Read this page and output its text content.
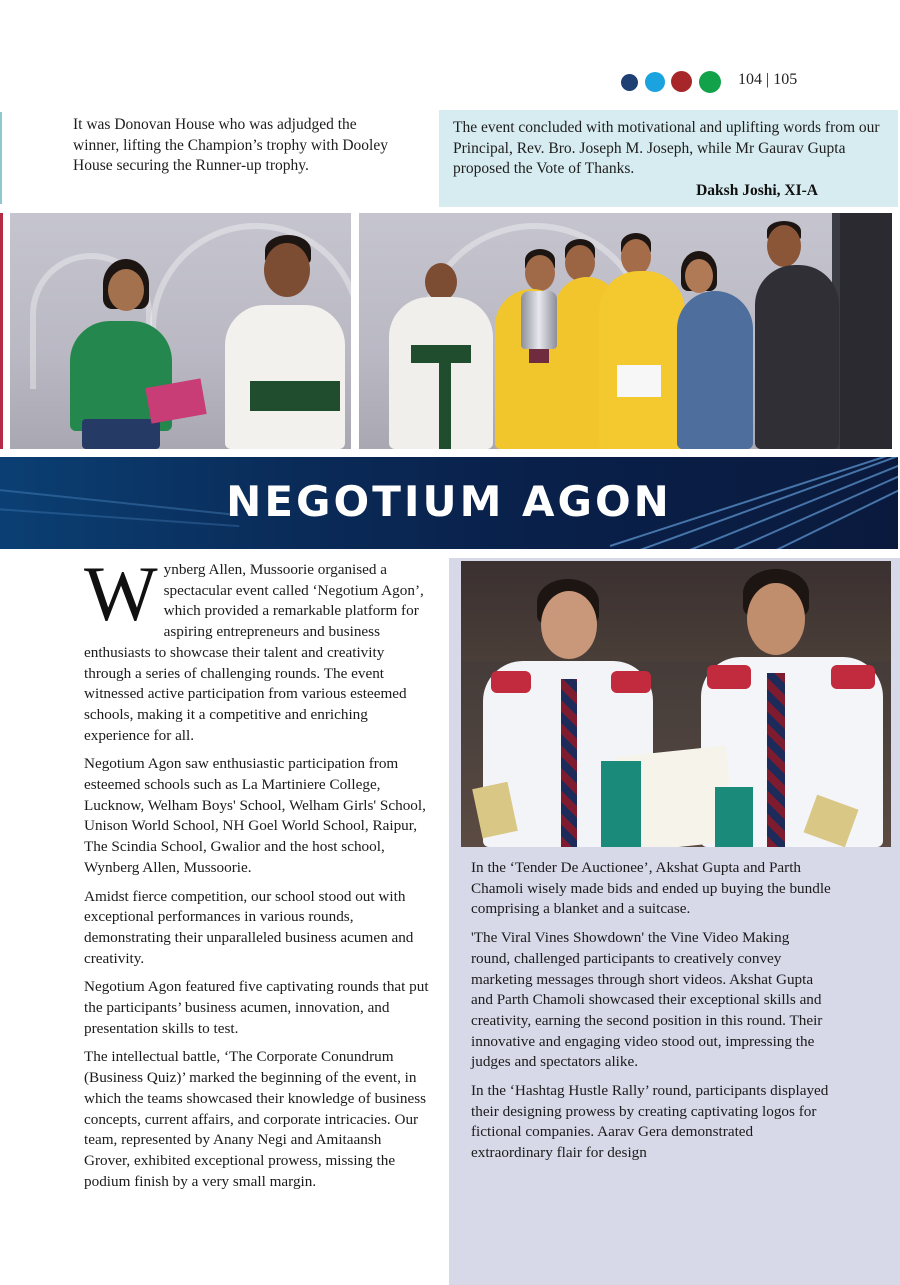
104 | 105
It was Donovan House who was adjudged the winner, lifting the Champion’s trophy with Dooley House securing the Runner-up trophy.
The event concluded with motivational and uplifting words from our Principal, Rev. Bro. Joseph M. Joseph, while Mr Gaurav Gupta proposed the Vote of Thanks.
Daksh Joshi, XI-A
NEGOTIUM AGON

Wynberg Allen, Mussoorie organised a spectacular event called ‘Negotium Agon’, which provided a remarkable platform for aspiring entrepreneurs and business enthusiasts to showcase their talent and creativity through a series of challenging rounds. The event witnessed active participation from various esteemed schools, making it a competitive and enriching experience for all.

Negotium Agon saw enthusiastic participation from esteemed schools such as La Martiniere College, Lucknow, Welham Boys' School, Welham Girls' School, Unison World School, NH Goel World School, Raipur, The Scindia School, Gwalior and the host school, Wynberg Allen, Mussoorie.

Amidst fierce competition, our school stood out with exceptional performances in various rounds, demonstrating their unparalleled business acumen and creativity.

Negotium Agon featured five captivating rounds that put the participants’ business acumen, innovation, and presentation skills to test.

The intellectual battle, ‘The Corporate Conundrum (Business Quiz)’ marked the beginning of the event, in which the teams showcased their knowledge of business concepts, current affairs, and corporate intricacies. Our team, represented by Anany Negi and Amitaansh Grover, exhibited exceptional prowess, missing the podium finish by a very small margin.

In the ‘Tender De Auctionee’, Akshat Gupta and Parth Chamoli wisely made bids and ended up buying the bundle comprising a blanket and a suitcase.

'The Viral Vines Showdown' the Vine Video Making round, challenged participants to creatively convey marketing messages through short videos. Akshat Gupta and Parth Chamoli showcased their exceptional skills and creativity, earning the second position in this round. Their innovative and engaging video stood out, impressing the judges and spectators alike.

In the ‘Hashtag Hustle Rally’ round, participants displayed their designing prowess by creating captivating logos for fictional companies. Aarav Gera demonstrated extraordinary flair for design
